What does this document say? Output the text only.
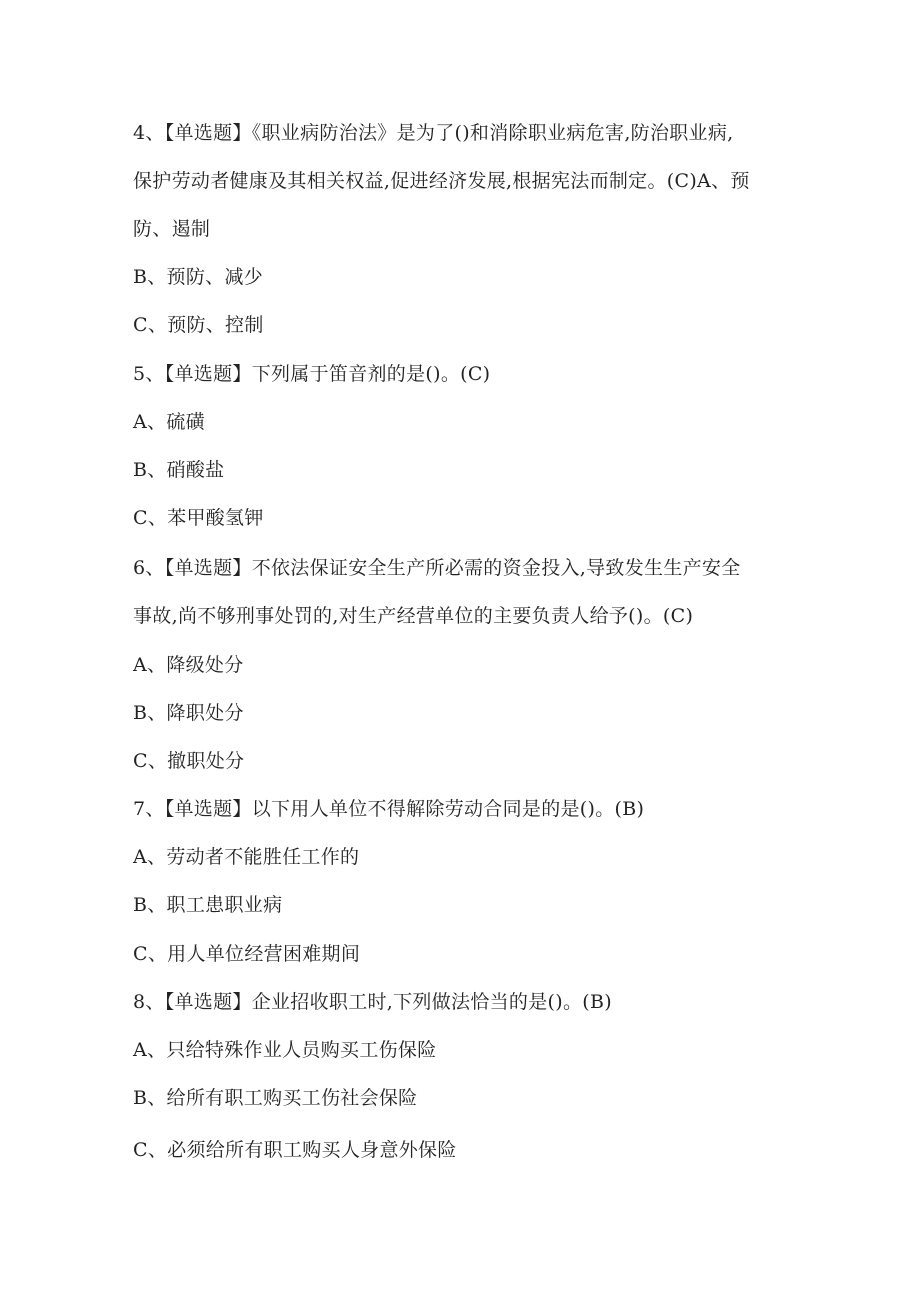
4、【单选题】《职业病防治法》是为了()和消除职业病危害,防治职业病,
保护劳动者健康及其相关权益,促进经济发展,根据宪法而制定。(C)A、预
防、遏制
B、预防、减少
C、预防、控制
5、【单选题】下列属于笛音剂的是()。(C)
A、硫磺
B、硝酸盐
C、苯甲酸氢钾
6、【单选题】不依法保证安全生产所必需的资金投入,导致发生生产安全
事故,尚不够刑事处罚的,对生产经营单位的主要负责人给予()。(C)
A、降级处分
B、降职处分
C、撤职处分
7、【单选题】以下用人单位不得解除劳动合同是的是()。(B)
A、劳动者不能胜任工作的
B、职工患职业病
C、用人单位经营困难期间
8、【单选题】企业招收职工时,下列做法恰当的是()。(B)
A、只给特殊作业人员购买工伤保险
B、给所有职工购买工伤社会保险
C、必须给所有职工购买人身意外保险
